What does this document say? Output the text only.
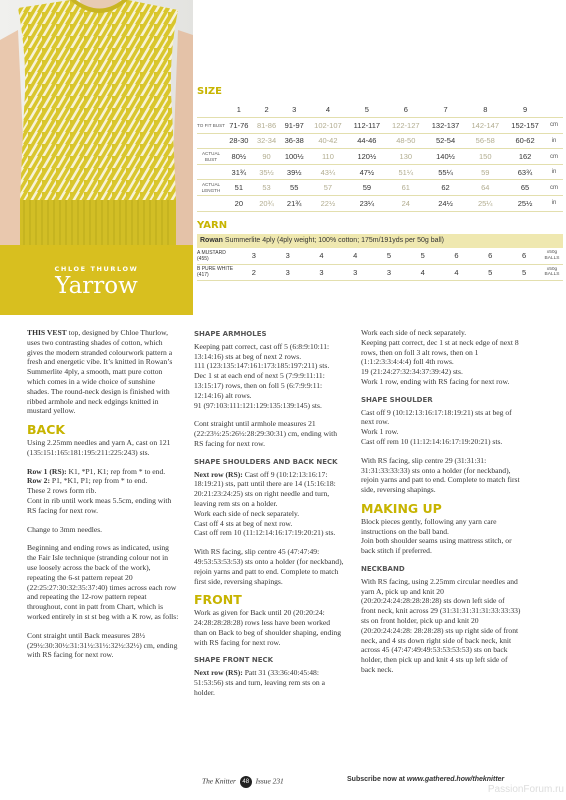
CHLOE THURLOW
Yarrow
SIZE
	1	2	3	4	5	6	7	8	9	
TO FIT BUST	71-76	81-86	91-97	102-107	112-117	122-127	132-137	142-147	152-157	cm
	28-30	32-34	36-38	40-42	44-46	48-50	52-54	56-58	60-62	in
ACTUAL BUST	80½	90	100½	110	120½	130	140½	150	162	cm
	31¾	35½	39½	43¼	47½	51¼	55¼	59	63¾	in
ACTUAL LENGTH	51	53	55	57	59	61	62	64	65	cm
	20	20¾	21¾	22½	23¼	24	24½	25¼	25½	in
YARN
Rowan Summerlite 4ply (4ply weight; 100% cotton; 175m/191yds per 50g ball)
A MUSTARD (455)	3	3	4	4	5	5	6	6	6	x50g BALLS
B PURE WHITE (417)	2	3	3	3	3	4	4	5	5	x50g BALLS

THIS VEST top, designed by Chloe Thurlow, uses two contrasting shades of cotton, which gives the modern stranded colourwork pattern a fresh and energetic vibe. It’s knitted in Rowan’s Summerlite 4ply, a smooth, matt pure cotton which comes in a wide choice of sunshine shades. The round-neck design is finished with ribbed armhole and neck edgings knitted in mustard yellow.

BACK

Using 2.25mm needles and yarn A, cast on 121 (135:151:165:181:195:211:225:243) sts.

Row 1 (RS): K1, *P1, K1; rep from * to end.

Row 2: P1, *K1, P1; rep from * to end.

These 2 rows form rib.

Cont in rib until work meas 5.5cm, ending with RS facing for next row.

Change to 3mm needles.

Beginning and ending rows as indicated, using the Fair Isle technique (stranding colour not in use loosely across the back of the work), repeating the 6-st pattern repeat 20 (22:25:27:30:32:35:37:40) times across each row and repeating the 12-row pattern repeat throughout, cont in patt from Chart, which is worked entirely in st st beg with a K row, as folls:

Cont straight until Back measures 28½ (29½:30:30½:31:31½:31½:32½:32½) cm, ending with RS facing for next row.

SHAPE ARMHOLES

Keeping patt correct, cast off 5 (6:8:9:10:11: 13:14:16) sts at beg of next 2 rows.

111 (123:135:147:161:173:185:197:211) sts.

Dec 1 st at each end of next 5 (7:9:9:11:11: 13:15:17) rows, then on foll 5 (6:7:9:9:11: 12:14:16) alt rows.

91 (97:103:111:121:129:135:139:145) sts.

Cont straight until armhole measures 21 (22:23½:25:26½:28:29:30:31) cm, ending with RS facing for next row.

SHAPE SHOULDERS AND BACK NECK

Next row (RS): Cast off 9 (10:12:13:16:17: 18:19:21) sts, patt until there are 14 (15:16:18: 20:21:23:24:25) sts on right needle and turn, leaving rem sts on a holder.

Work each side of neck separately.

Cast off 4 sts at beg of next row.

Cast off rem 10 (11:12:14:16:17:19:20:21) sts.

With RS facing, slip centre 45 (47:47:49: 49:53:53:53:53) sts onto a holder (for neckband), rejoin yarns and patt to end. Complete to match first side, reversing shapings.

FRONT

Work as given for Back until 20 (20:20:24: 24:28:28:28:28) rows less have been worked than on Back to beg of shoulder shaping, ending with RS facing for next row.

SHAPE FRONT NECK

Next row (RS): Patt 31 (33:36:40:45:48: 51:53:56) sts and turn, leaving rem sts on a holder.

Work each side of neck separately.

Keeping patt correct, dec 1 st at neck edge of next 8 rows, then on foll 3 alt rows, then on 1 (1:1:2:3:3:4:4:4) foll 4th rows.

19 (21:24:27:32:34:37:39:42) sts.

Work 1 row, ending with RS facing for next row.

SHAPE SHOULDER

Cast off 9 (10:12:13:16:17:18:19:21) sts at beg of next row.

Work 1 row.

Cast off rem 10 (11:12:14:16:17:19:20:21) sts.

With RS facing, slip centre 29 (31:31:31: 31:31:33:33:33) sts onto a holder (for neckband), rejoin yarns and patt to end. Complete to match first side, reversing shapings.

MAKING UP

Block pieces gently, following any yarn care instructions on the ball band.

Join both shoulder seams using mattress stitch, or back stitch if preferred.

NECKBAND

With RS facing, using 2.25mm circular needles and yarn A, pick up and knit 20 (20:20:24:24:28:28:28:28) sts down left side of front neck, knit across 29 (31:31:31:31:31:33:33:33) sts on front holder, pick up and knit 20 (20:20:24:24:28: 28:28:28) sts up right side of front neck, and 4 sts down right side of back neck, knit across 45 (47:47:49:49:53:53:53:53) sts on back holder, then pick up and knit 4 sts up left side of back neck.

The Knitter 48 Issue 231	Subscribe now at www.gathered.how/theknitter
PassionForum.ru
